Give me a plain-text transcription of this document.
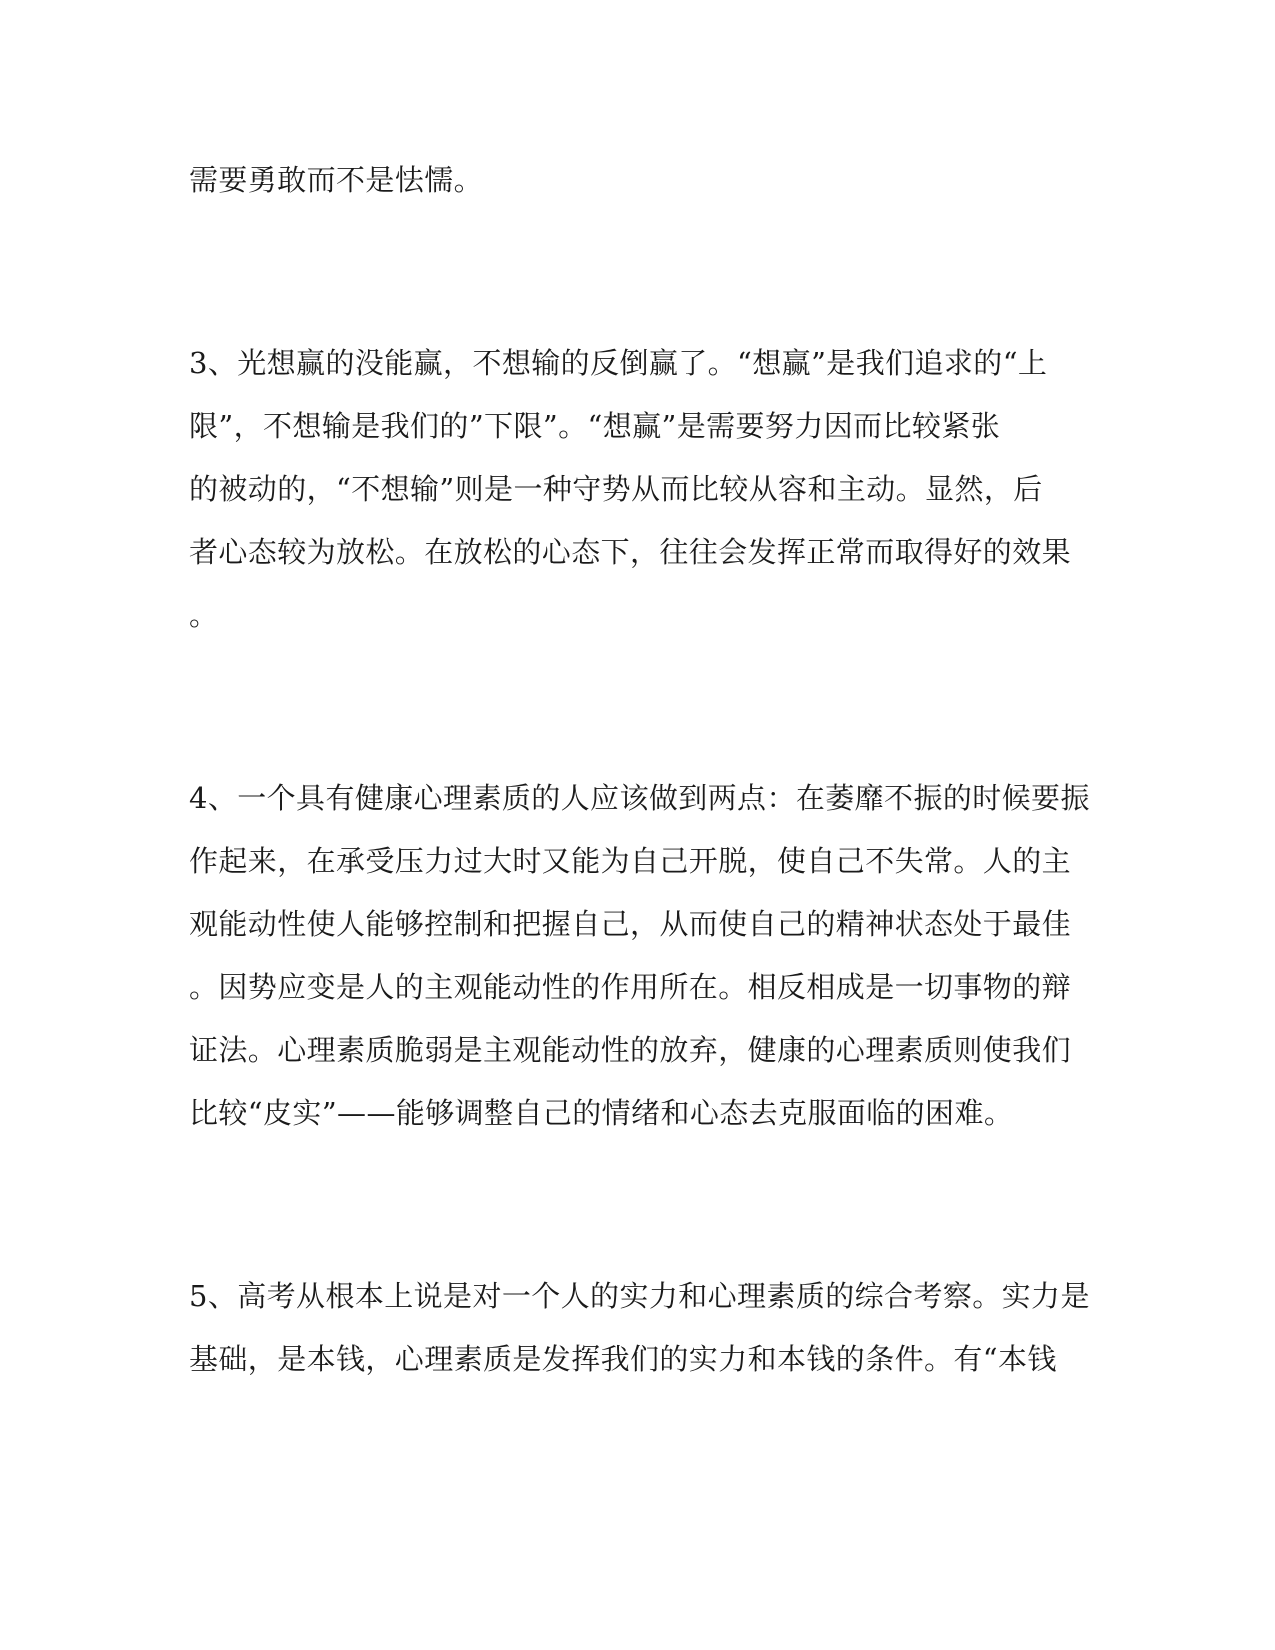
需要勇敢而不是怯懦。
3、光想赢的没能赢，不想输的反倒赢了。“想赢”是我们追求的“上
限”，不想输是我们的”下限”。“想赢”是需要努力因而比较紧张
的被动的，“不想输”则是一种守势从而比较从容和主动。显然，后
者心态较为放松。在放松的心态下，往往会发挥正常而取得好的效果
。
4、一个具有健康心理素质的人应该做到两点：在萎靡不振的时候要振
作起来，在承受压力过大时又能为自己开脱，使自己不失常。人的主
观能动性使人能够控制和把握自己，从而使自己的精神状态处于最佳
。因势应变是人的主观能动性的作用所在。相反相成是一切事物的辩
证法。心理素质脆弱是主观能动性的放弃，健康的心理素质则使我们
比较“皮实”——能够调整自己的情绪和心态去克服面临的困难。
5、高考从根本上说是对一个人的实力和心理素质的综合考察。实力是
基础，是本钱，心理素质是发挥我们的实力和本钱的条件。有“本钱
